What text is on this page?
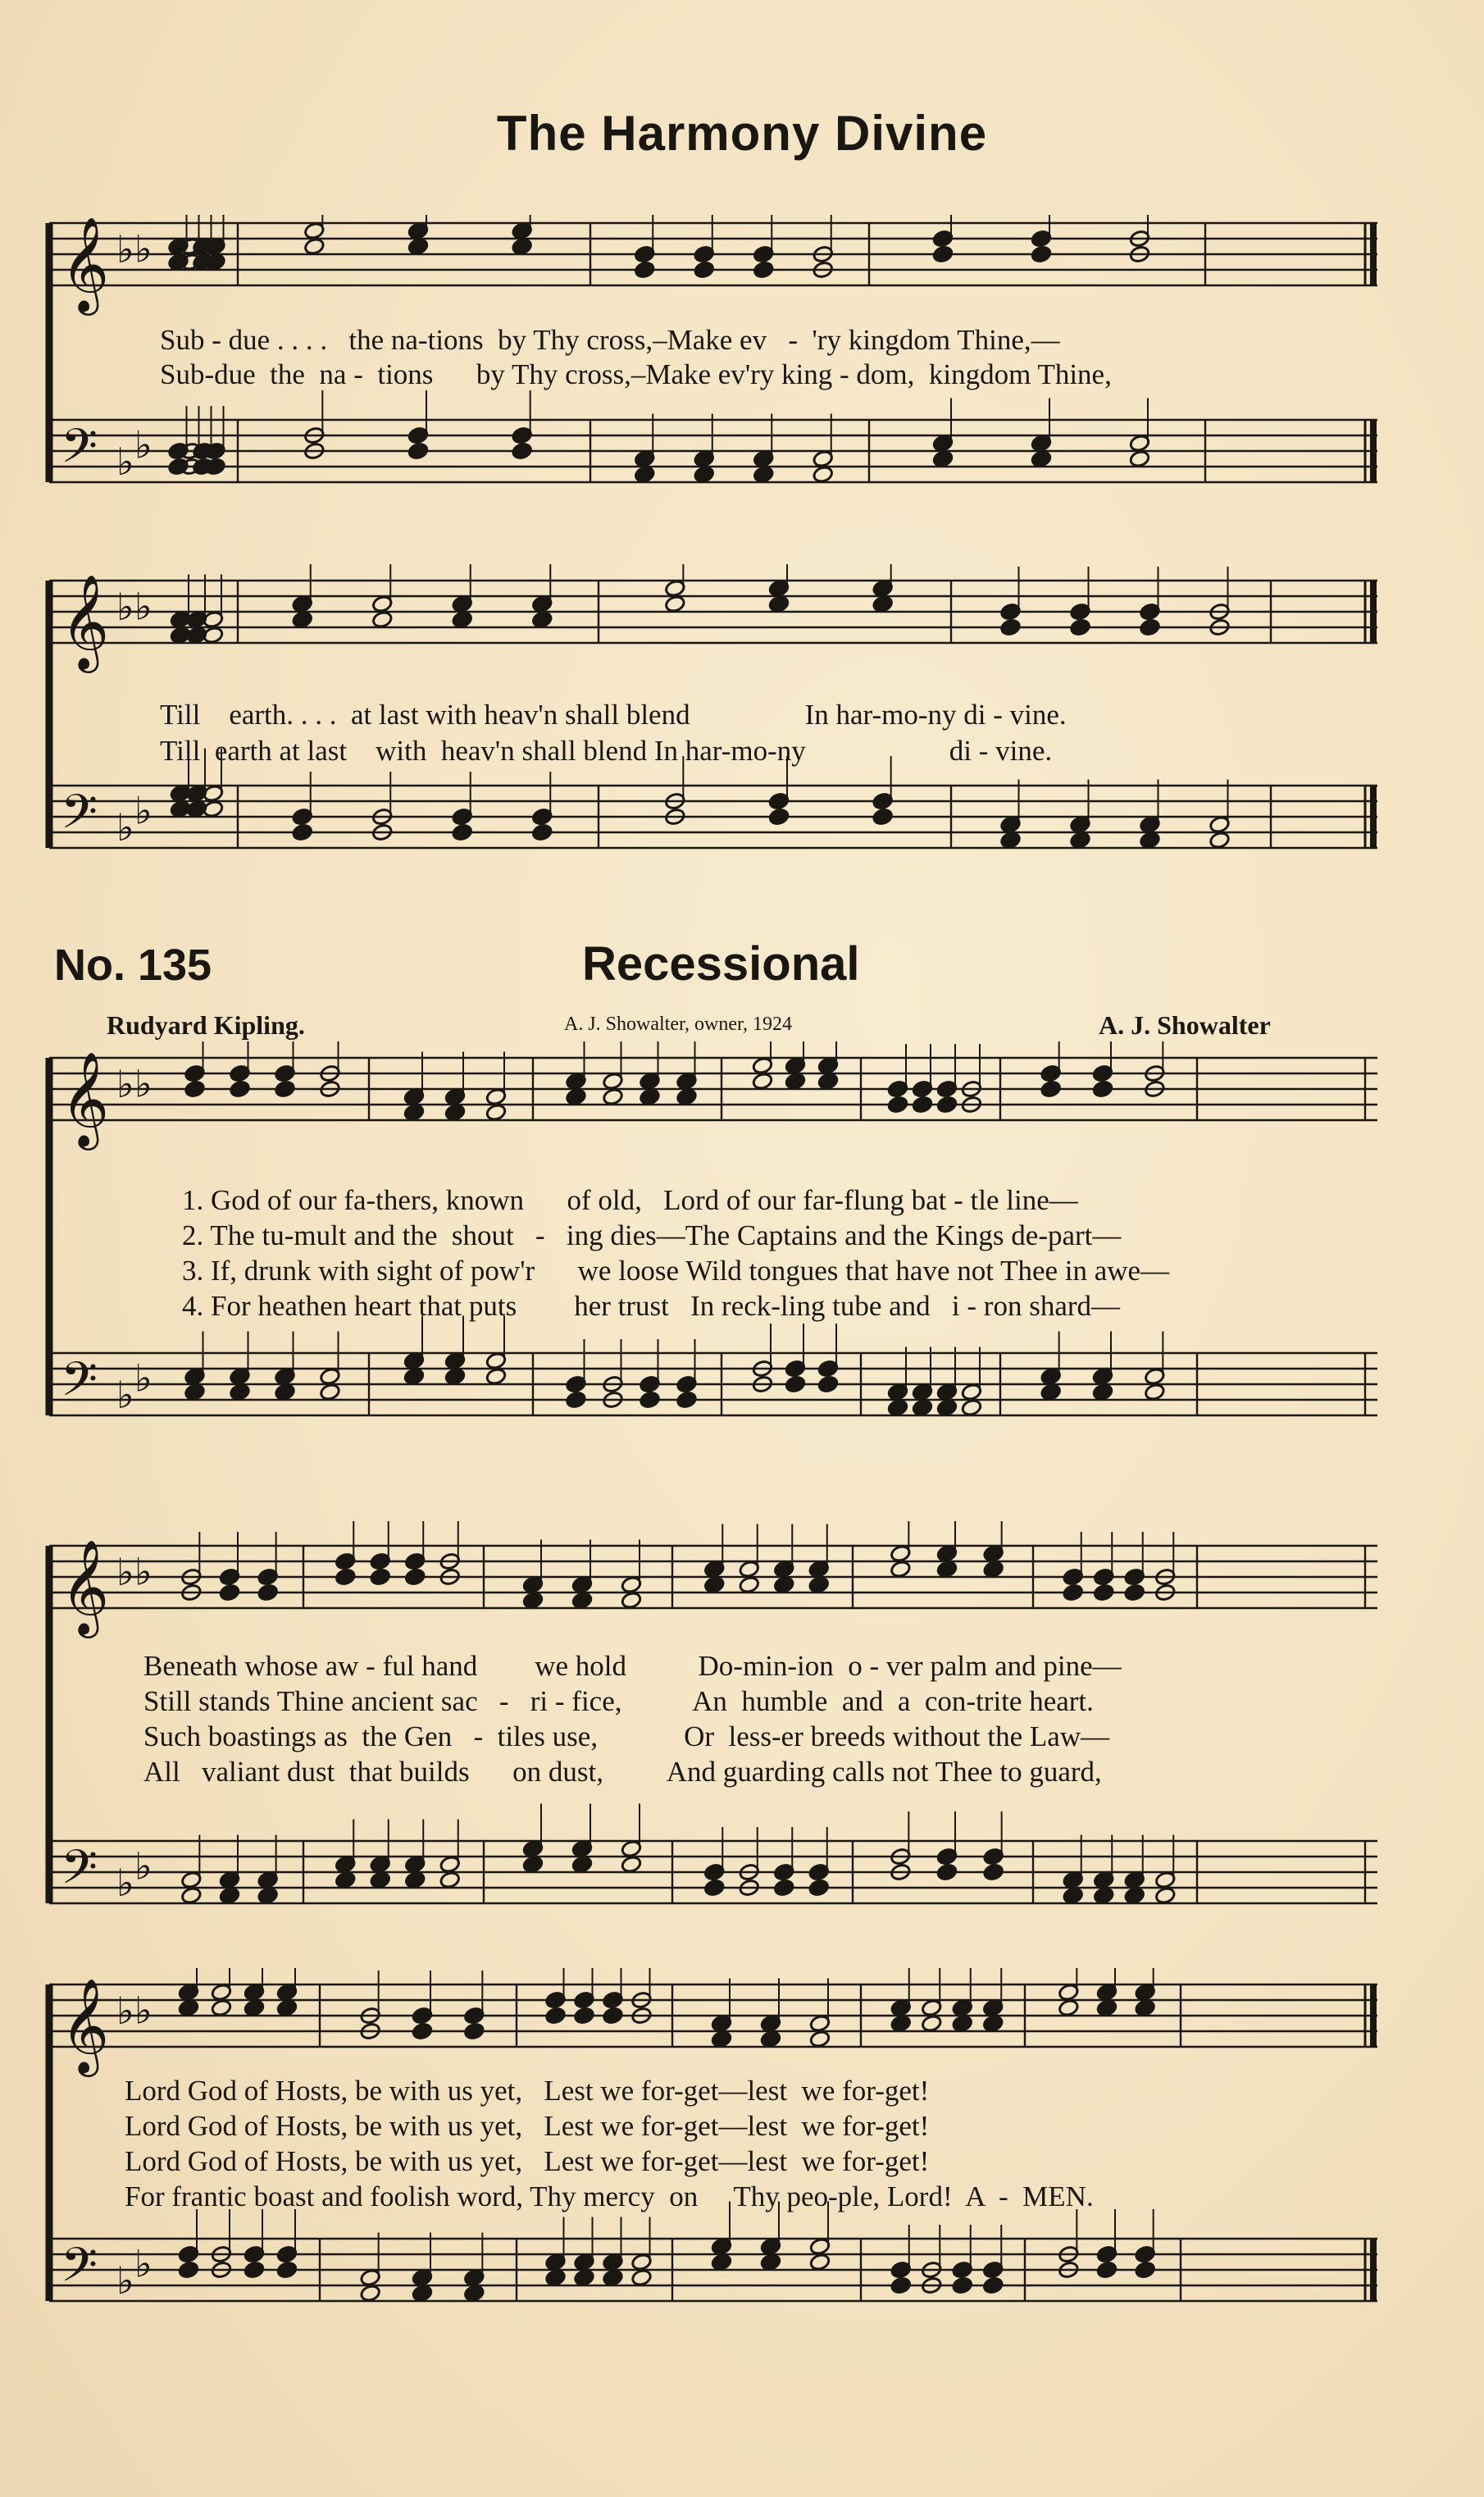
The Harmony Divine
𝄞 ♭ ♭
𝄢 ♭ ♭
Sub - due . . . .   the na-tions  by Thy cross,–Make ev   -  'ry kingdom Thine,—
Sub-due  the  na -  tions      by Thy cross,–Make ev'ry king - dom,  kingdom Thine,
𝄞 ♭ ♭
𝄢 ♭ ♭
Till    earth. . . .  at last with heav'n shall blend                In har-mo-ny di - vine.
Till  earth at last    with  heav'n shall blend In har-mo-ny                    di - vine.
No. 135	Recessional
Rudyard Kipling.	A. J. Showalter, owner, 1924	A. J. Showalter
𝄞 ♭ ♭
𝄢 ♭ ♭
1. God of our fa-thers, known      of old,   Lord of our far-flung bat - tle line—
2. The tu-mult and the  shout   -   ing dies—The Captains and the Kings de-part—
3. If, drunk with sight of pow'r      we loose Wild tongues that have not Thee in awe—
4. For heathen heart that puts        her trust   In reck-ling tube and   i - ron shard—
𝄞 ♭ ♭
𝄢 ♭ ♭
Beneath whose aw - ful hand        we hold          Do-min-ion  o - ver palm and pine—
Still stands Thine ancient sac   -   ri - fice,          An  humble  and  a  con-trite heart.
Such boastings as  the Gen   -  tiles use,            Or  less-er breeds without the Law—
All   valiant dust  that builds      on dust,         And guarding calls not Thee to guard,
𝄞 ♭ ♭
𝄢 ♭ ♭
Lord God of Hosts, be with us yet,   Lest we for-get—lest  we for-get!
Lord God of Hosts, be with us yet,   Lest we for-get—lest  we for-get!
Lord God of Hosts, be with us yet,   Lest we for-get—lest  we for-get!
For frantic boast and foolish word, Thy mercy  on     Thy peo-ple, Lord!  A  -  MEN.
